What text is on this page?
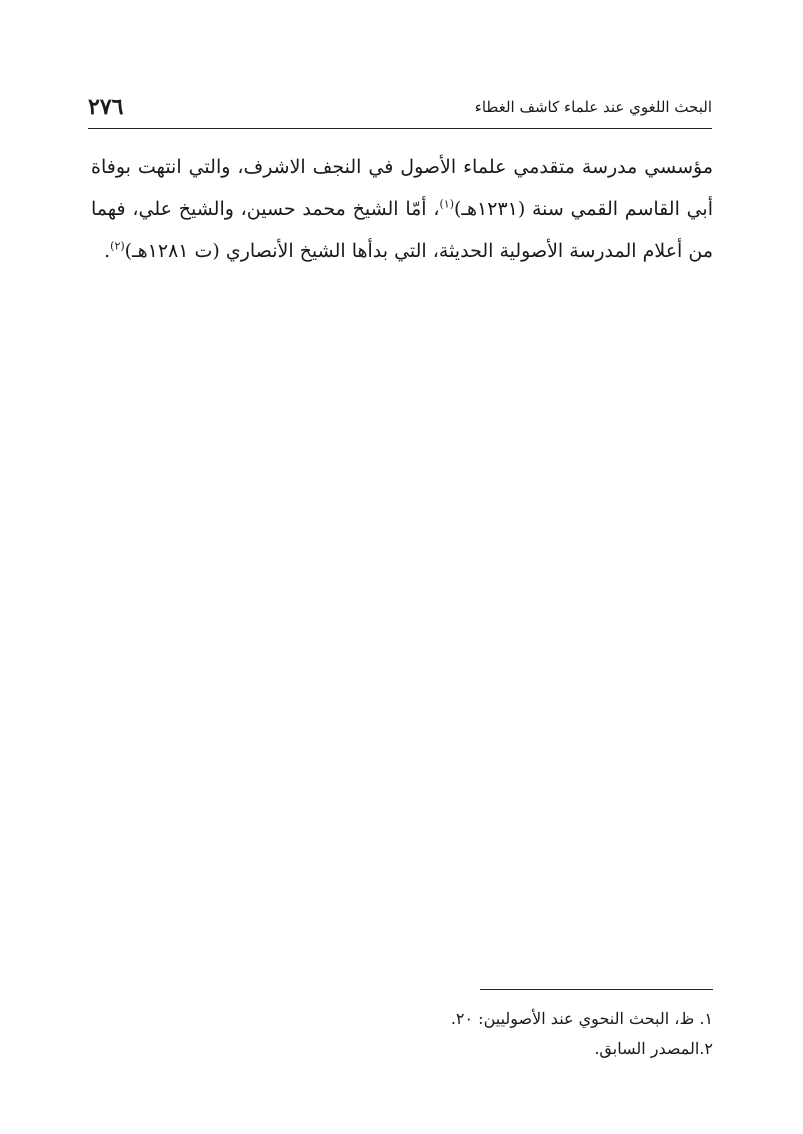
٢٧٦	البحث اللغوي عند علماء كاشف الغطاء

مؤسسي مدرسة متقدمي علماء الأصول في النجف الاشرف، والتي انتهت بوفاة أبي القاسم القمي سنة (١٢٣١هـ)$^{(١)}$، أمّا الشيخ محمد حسين، والشيخ علي، فهما من أعلام المدرسة الأصولية الحديثة، التي بدأها الشيخ الأنصاري (ت ١٢٨١هـ)$^{(٢)}$.

١. ظ، البحث النحوي عند الأصوليين: ٢٠.
٢.المصدر السابق.
